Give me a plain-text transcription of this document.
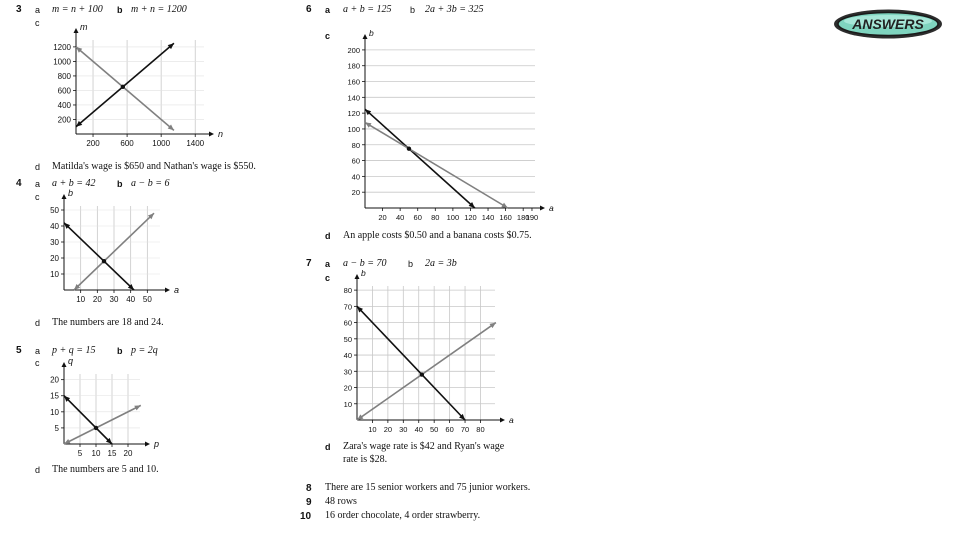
ANSWERS
3 a m = n + 100 b m + n = 1200
c
n
m
200	600 1000 1400
200
400
600
800
1000
1200
d Matilda's wage is $650 and Nathan's wage is $550.
4 a a + b = 42 b a − b = 6
c
a
b
10 20 30 40 50
10
20
30
40
50
d The numbers are 18 and 24.
5 a p + q = 15 b p = 2q
c
p
q
5 10 15 20
5
10
15
20
d The numbers are 5 and 10.
6 a a + b = 125 b 2a + 3b = 325
c
a
b
20 40 60 80 100 120 140 160 180
190
20
40
60
80
100
120
140
160
180
200
d An apple costs $0.50 and a banana costs $0.75.
7 a a − b = 70 b 2a = 3b
c
a
b
10 20 30 40 50 60 70 80
10
20
30
40
50
60
70
80
d Zara's wage rate is $42 and Ryan's wage
rate is $28.
8 There are 15 senior workers and 75 junior workers.
9 48 rows
10 16 order chocolate, 4 order strawberry.
